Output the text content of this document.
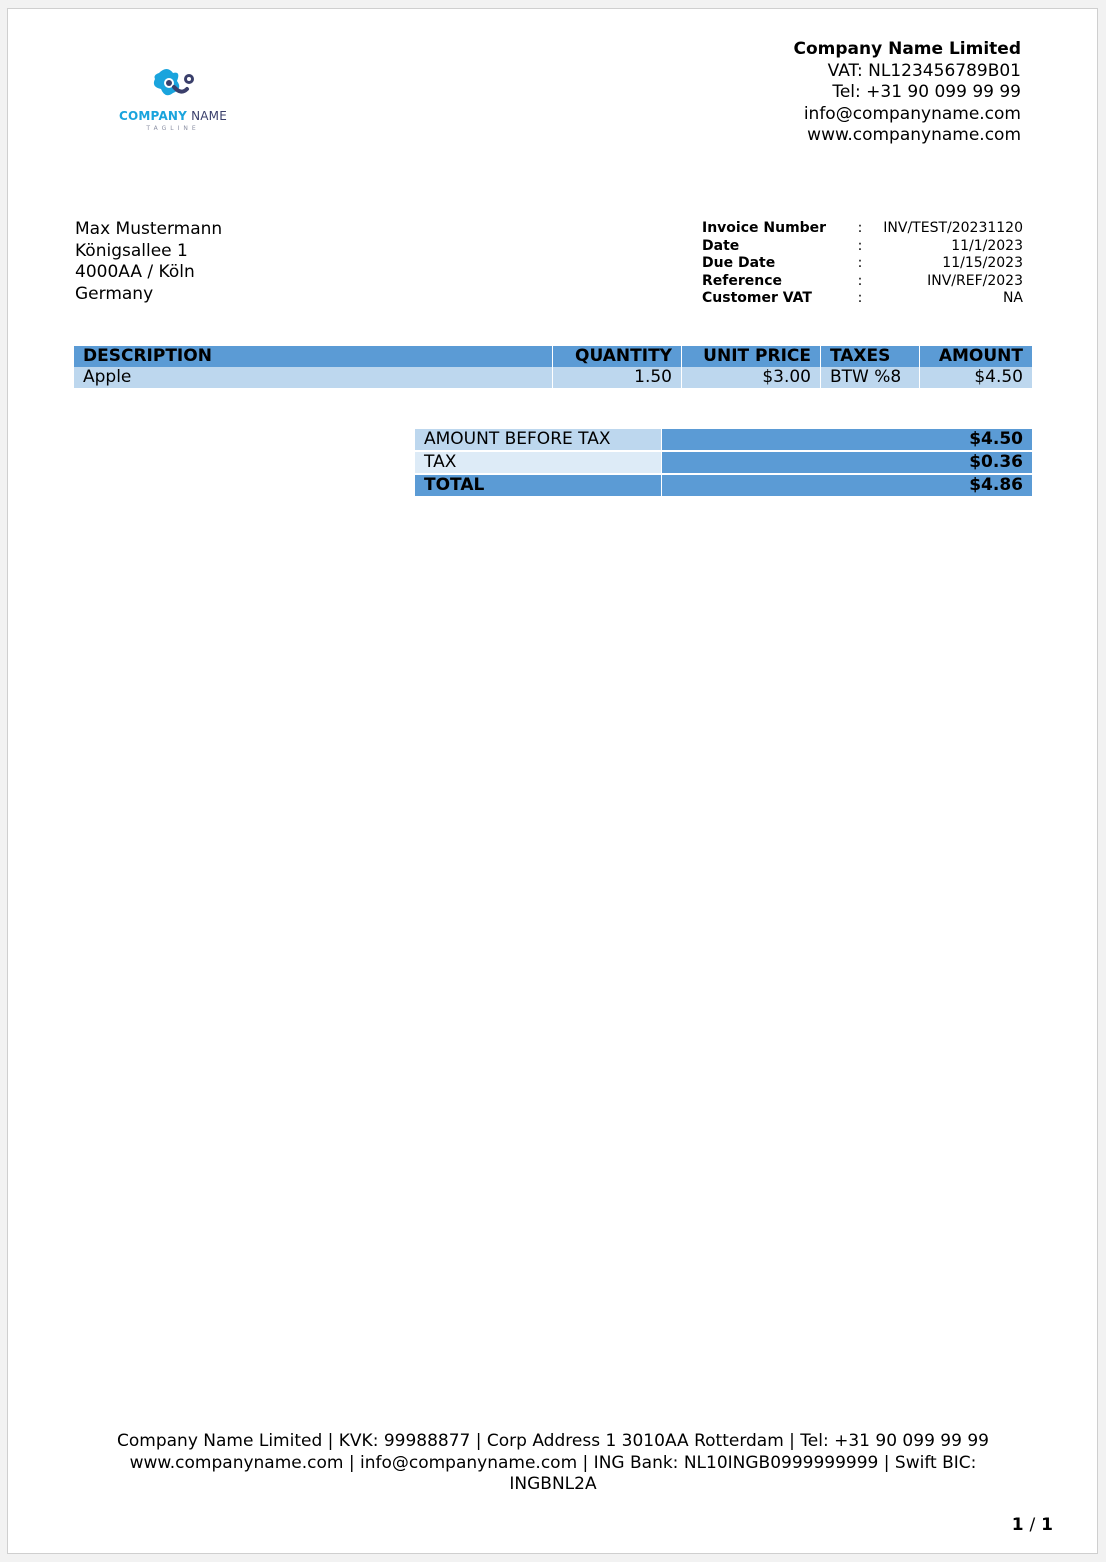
COMPANY NAME
TAGLINE
Company Name Limited
VAT: NL123456789B01
Tel: +31 90 099 99 99
info@companyname.com
www.companyname.com
Max Mustermann
Königsallee 1
4000AA / Köln
Germany
Invoice Number	:	INV/TEST/20231120
Date	:	11/1/2023
Due Date	:	11/15/2023
Reference	:	INV/REF/2023
Customer VAT	:	NA
DESCRIPTION	QUANTITY	UNIT PRICE	TAXES	AMOUNT
Apple	1.50	$3.00	BTW %8	$4.50
AMOUNT BEFORE TAX	$4.50
TAX	$0.36
TOTAL	$4.86
Company Name Limited | KVK: 99988877 | Corp Address 1 3010AA Rotterdam | Tel: +31 90 099 99 99
www.companyname.com | info@companyname.com | ING Bank: NL10INGB0999999999 | Swift BIC:
INGBNL2A
1 / 1
